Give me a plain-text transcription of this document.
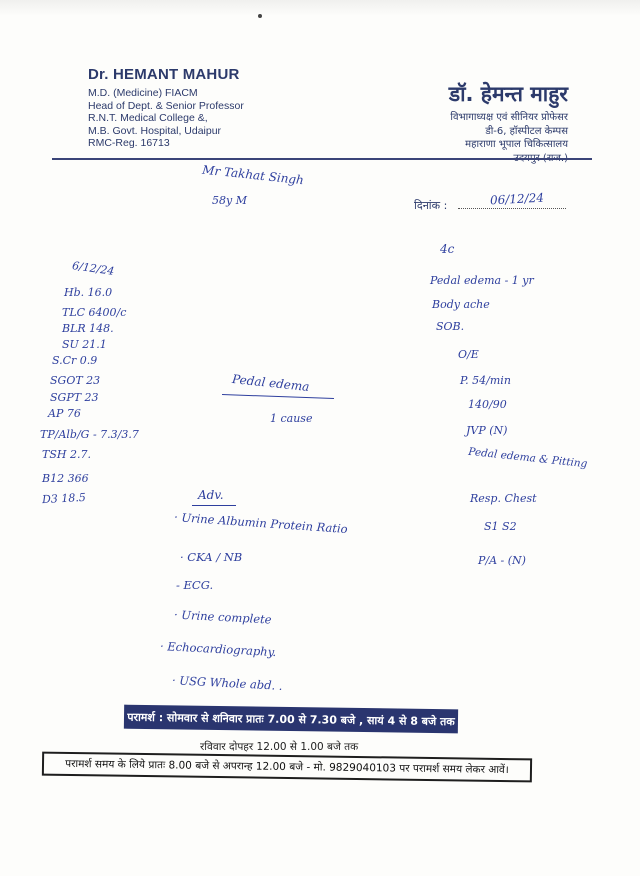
Dr. HEMANT MAHUR
M.D. (Medicine) FIACM
Head of Dept. & Senior Professor
R.N.T. Medical College &,
M.B. Govt. Hospital, Udaipur
RMC-Reg. 16713
डॉ. हेमन्त माहुर
विभागाध्यक्ष एवं सीनियर प्रोफेसर
डी-6, हॉस्पीटल केम्पस
महाराणा भूपाल चिकित्सालय
Mr Takhat Singh
58y M	दिनांक :	06/12/24
6/12/24
Hb. 16.0
TLC 6400/c
BLR 148.
SU 21.1
S.Cr 0.9
SGOT 23
SGPT 23
AP 76
TP/Alb/G - 7.3/3.7
TSH 2.7.
B12 366
D3 18.5
Pedal edema
1 cause
4c
Pedal edema - 1 yr
Body ache
SOB.
O/E
P. 54/min
140/90
JVP (N)
Pedal edema & Pitting
Resp. Chest
S1 S2
P/A - (N)
Adv.
· Urine Albumin Protein Ratio
· CKA / NB
- ECG.
· Urine complete
· Echocardiography.
· USG Whole abd. .
परामर्श : सोमवार से शनिवार प्रातः 7.00 से 7.30 बजे , सायं 4 से 8 बजे तक
रविवार दोपहर 12.00 से 1.00 बजे तक
परामर्श समय के लिये प्रातः 8.00 बजे से अपरान्ह 12.00 बजे - मो. 9829040103 पर परामर्श समय लेकर आवें।
